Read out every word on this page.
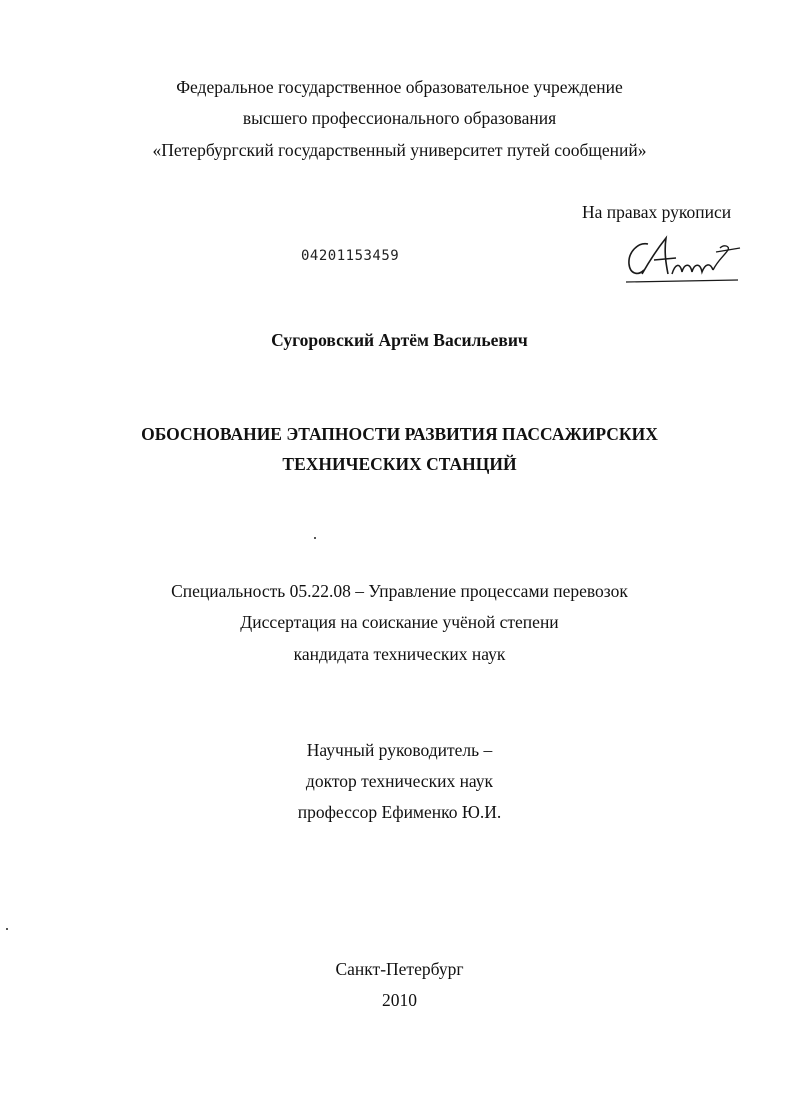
Федеральное государственное образовательное учреждение
высшего профессионального образования
«Петербургский государственный университет путей сообщений»
На правах рукописи
04201153459
Сугоровский Артём Васильевич
ОБОСНОВАНИЕ ЭТАПНОСТИ РАЗВИТИЯ ПАССАЖИРСКИХ
ТЕХНИЧЕСКИХ СТАНЦИЙ
Специальность 05.22.08 – Управление процессами перевозок
Диссертация на соискание учёной степени
кандидата технических наук
Научный руководитель –
доктор технических наук
профессор Ефименко Ю.И.
Санкт-Петербург
2010
